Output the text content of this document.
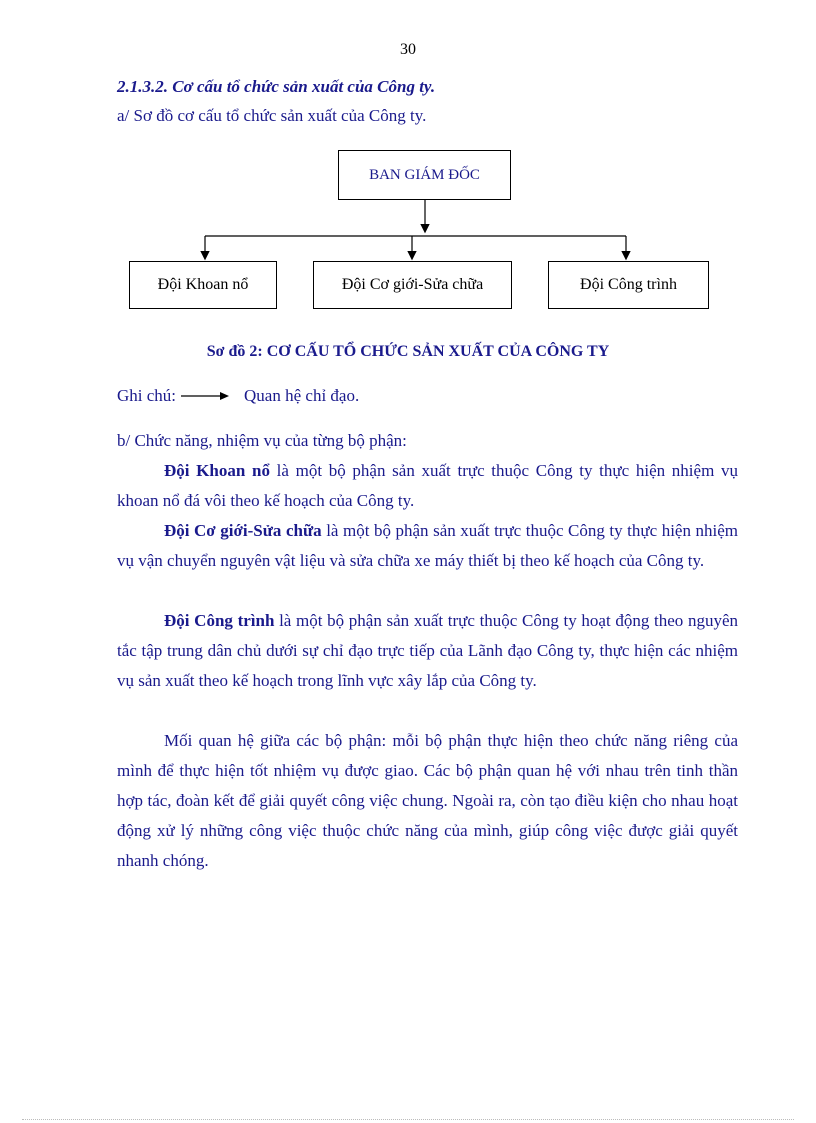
30
2.1.3.2. Cơ cấu tổ chức sản xuất của Công ty.
a/ Sơ đồ cơ cấu tổ chức sản xuất của Công ty.
BAN GIÁM ĐỐC
Đội Khoan nổ	Đội Cơ giới-Sửa chữa	Đội Công trình
Sơ đồ 2: CƠ CẤU TỔ CHỨC SẢN XUẤT CỦA CÔNG TY
Ghi chú:	Quan hệ chỉ đạo.
b/ Chức năng, nhiệm vụ của từng bộ phận:
Đội Khoan nổ là một bộ phận sản xuất trực thuộc Công ty thực hiện nhiệm vụ khoan nổ đá vôi theo kế hoạch của Công ty.
Đội Cơ giới-Sửa chữa là một bộ phận sản xuất trực thuộc Công ty thực hiện nhiệm vụ vận chuyển nguyên vật liệu và sửa chữa xe máy thiết bị theo kế hoạch của Công ty.
Đội Công trình là một bộ phận sản xuất trực thuộc Công ty hoạt động theo nguyên tắc tập trung dân chủ dưới sự chỉ đạo trực tiếp của Lãnh đạo Công ty, thực hiện các nhiệm vụ sản xuất theo kế hoạch trong lĩnh vực xây lắp của Công ty.
Mối quan hệ giữa các bộ phận: mỗi bộ phận thực hiện theo chức năng riêng của mình để thực hiện tốt nhiệm vụ được giao. Các bộ phận quan hệ với nhau trên tinh thần hợp tác, đoàn kết để giải quyết công việc chung. Ngoài ra, còn tạo điều kiện cho nhau hoạt động xử lý những công việc thuộc chức năng của mình, giúp công việc được giải quyết nhanh chóng.
